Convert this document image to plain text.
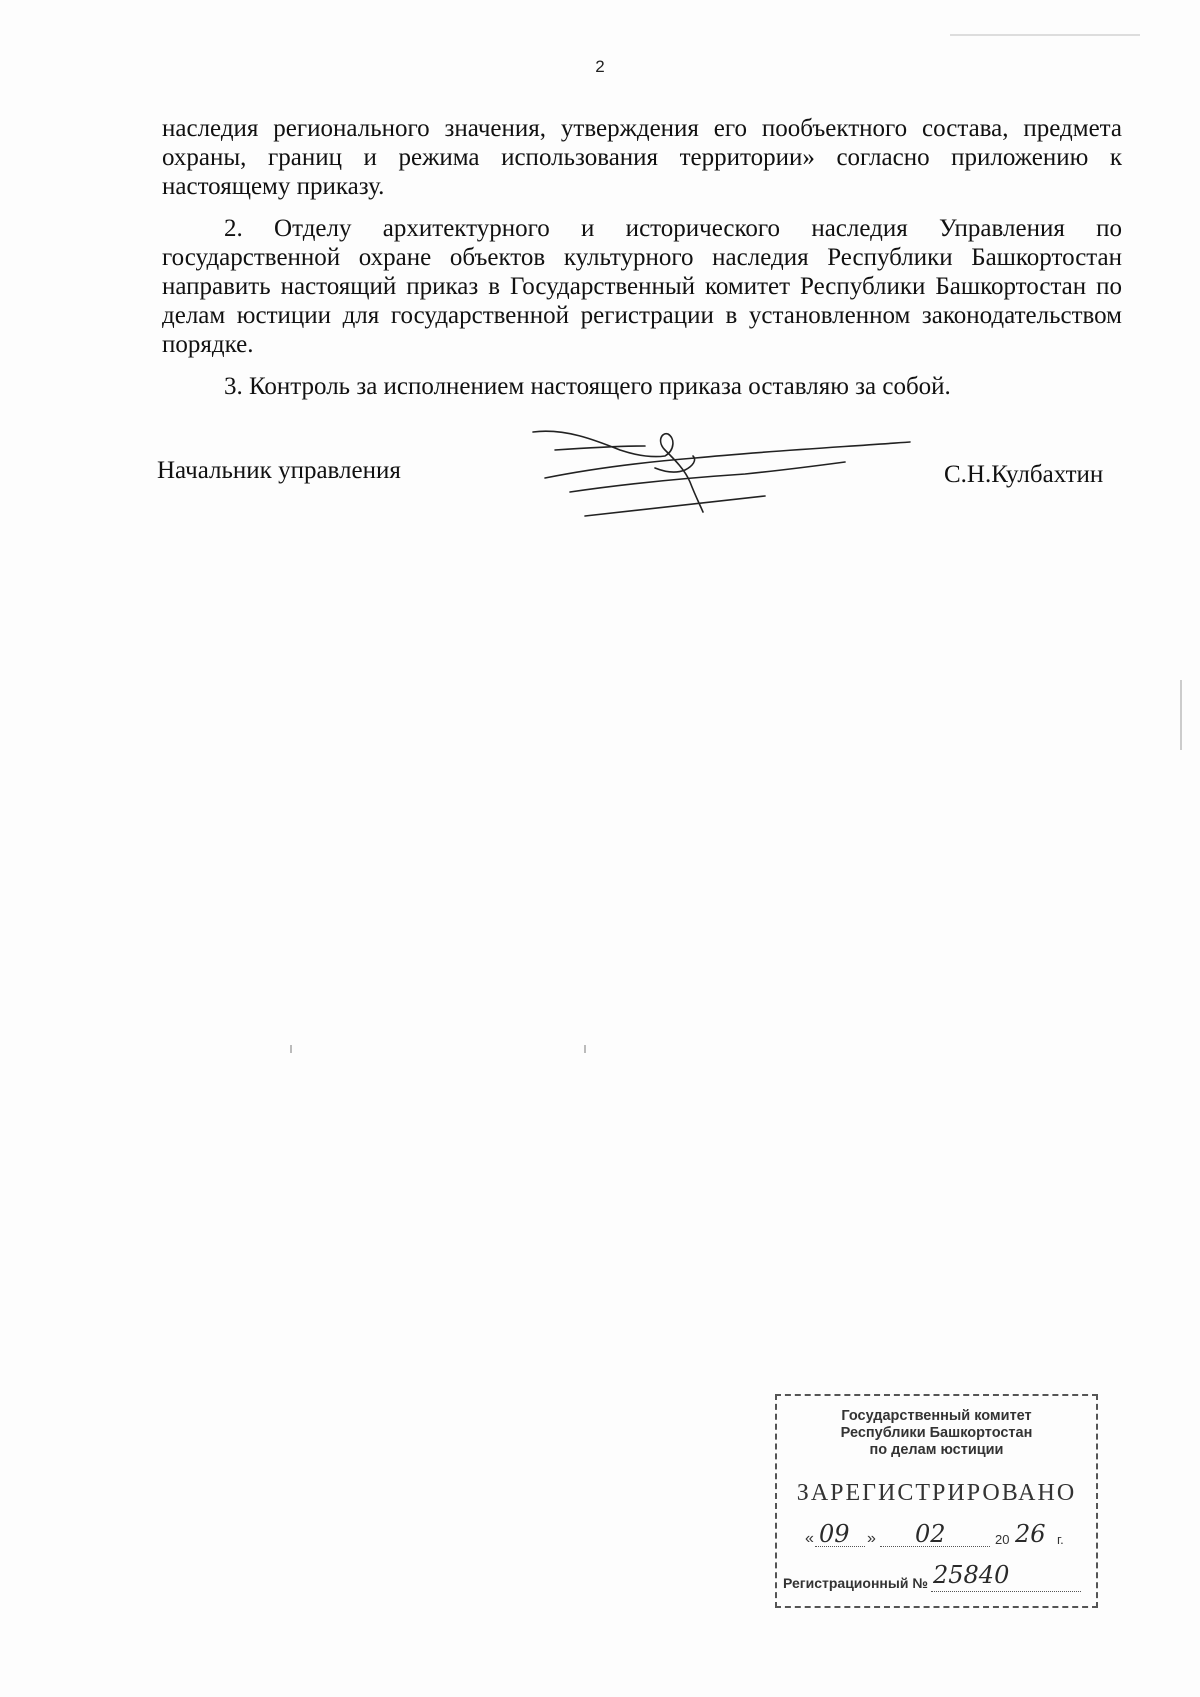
2

наследия регионального значения, утверждения его пообъектного состава, предмета охраны, границ и режима использования территории» согласно приложению к настоящему приказу.

2. Отделу архитектурного и исторического наследия Управления по государственной охране объектов культурного наследия Республики Башкортостан направить настоящий приказ в Государственный комитет Республики Башкортостан по делам юстиции для государственной регистрации в установленном законодательством порядке.

3. Контроль за исполнением настоящего приказа оставляю за собой.

Начальник управления	С.Н.Кулбахтин
Государственный комитет
Республики Башкортостан
по делам юстиции
ЗАРЕГИСТРИРОВАНО
« 09 » 02	20 26 г.
Регистрационный № 25840
